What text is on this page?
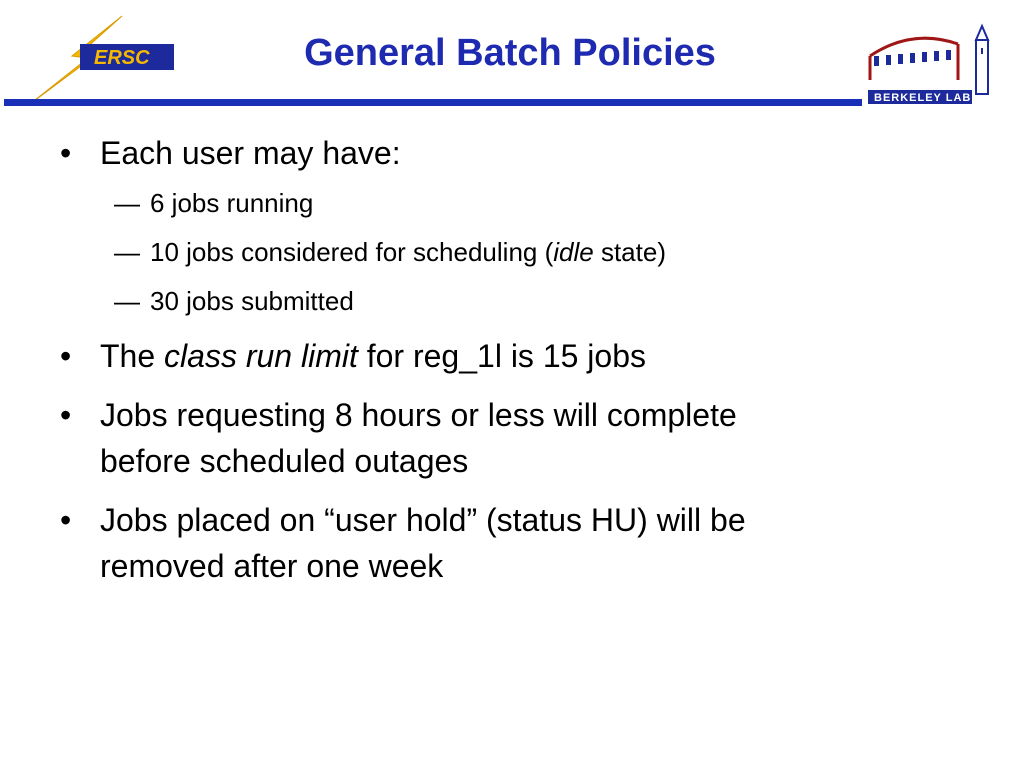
ERSC	General Batch Policies
BERKELEY LAB
• Each user may have:
— 6 jobs running
— 10 jobs considered for scheduling (idle state)
— 30 jobs submitted
• The class run limit for reg_1l is 15 jobs
• Jobs requesting 8 hours or less will complete
before scheduled outages
• Jobs placed on “user hold” (status HU) will be
removed after one week
